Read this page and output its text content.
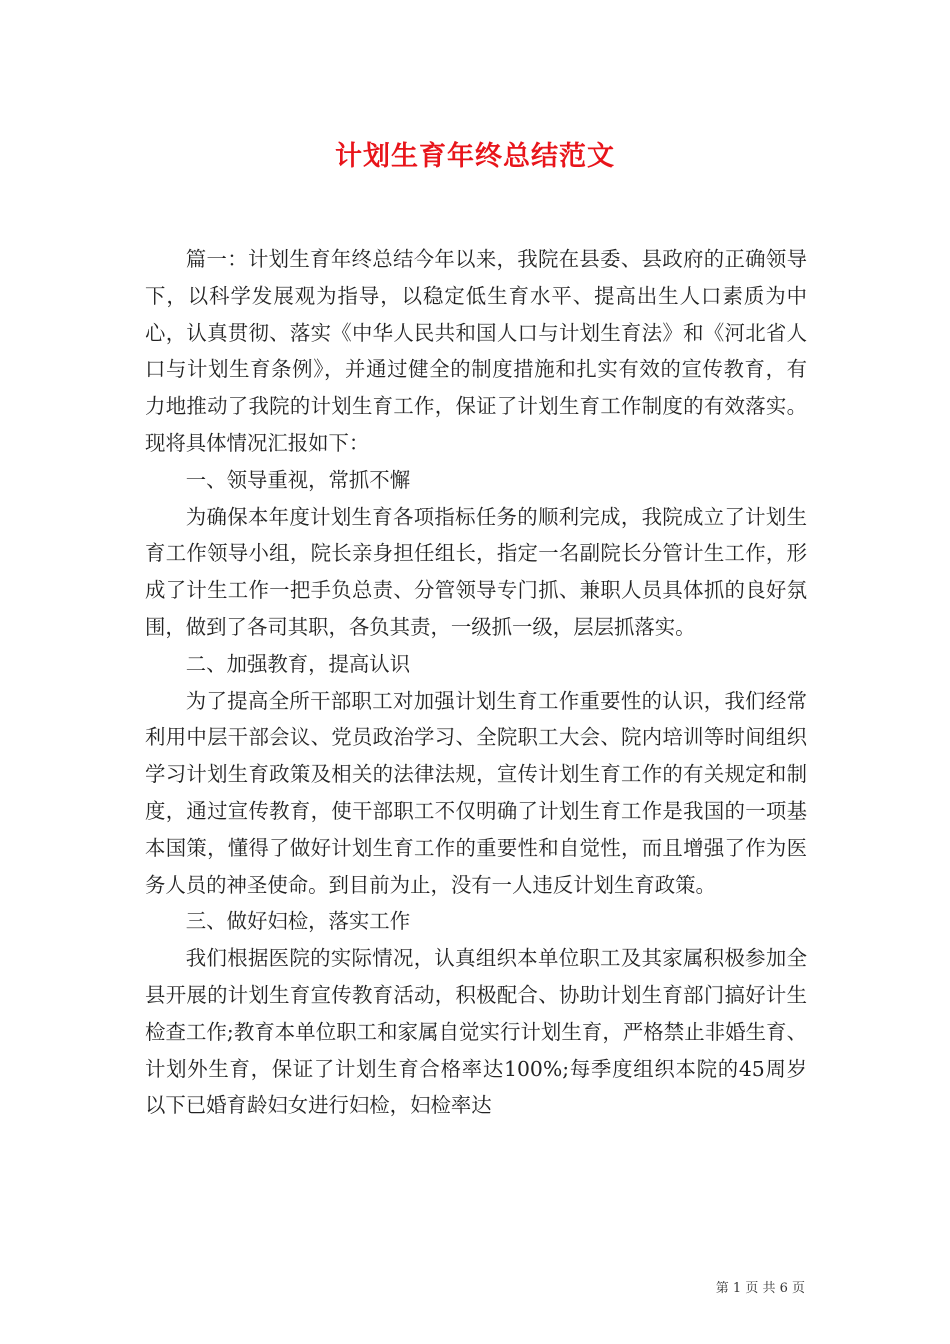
计划生育年终总结范文

篇一：计划生育年终总结今年以来，我院在县委、县政府的正确领导下，以科学发展观为指导，以稳定低生育水平、提高出生人口素质为中心，认真贯彻、落实《中华人民共和国人口与计划生育法》和《河北省人口与计划生育条例》，并通过健全的制度措施和扎实有效的宣传教育，有力地推动了我院的计划生育工作，保证了计划生育工作制度的有效落实。现将具体情况汇报如下：

一、领导重视，常抓不懈

为确保本年度计划生育各项指标任务的顺利完成，我院成立了计划生育工作领导小组，院长亲身担任组长，指定一名副院长分管计生工作，形成了计生工作一把手负总责、分管领导专门抓、兼职人员具体抓的良好氛围，做到了各司其职，各负其责，一级抓一级，层层抓落实。

二、加强教育，提高认识

为了提高全所干部职工对加强计划生育工作重要性的认识，我们经常利用中层干部会议、党员政治学习、全院职工大会、院内培训等时间组织学习计划生育政策及相关的法律法规，宣传计划生育工作的有关规定和制度，通过宣传教育，使干部职工不仅明确了计划生育工作是我国的一项基本国策，懂得了做好计划生育工作的重要性和自觉性，而且增强了作为医务人员的神圣使命。到目前为止，没有一人违反计划生育政策。

三、做好妇检，落实工作

我们根据医院的实际情况，认真组织本单位职工及其家属积极参加全县开展的计划生育宣传教育活动，积极配合、协助计划生育部门搞好计生检查工作;教育本单位职工和家属自觉实行计划生育，严格禁止非婚生育、计划外生育，保证了计划生育合格率达100%;每季度组织本院的45周岁以下已婚育龄妇女进行妇检，妇检率达

第 1 页 共 6 页
